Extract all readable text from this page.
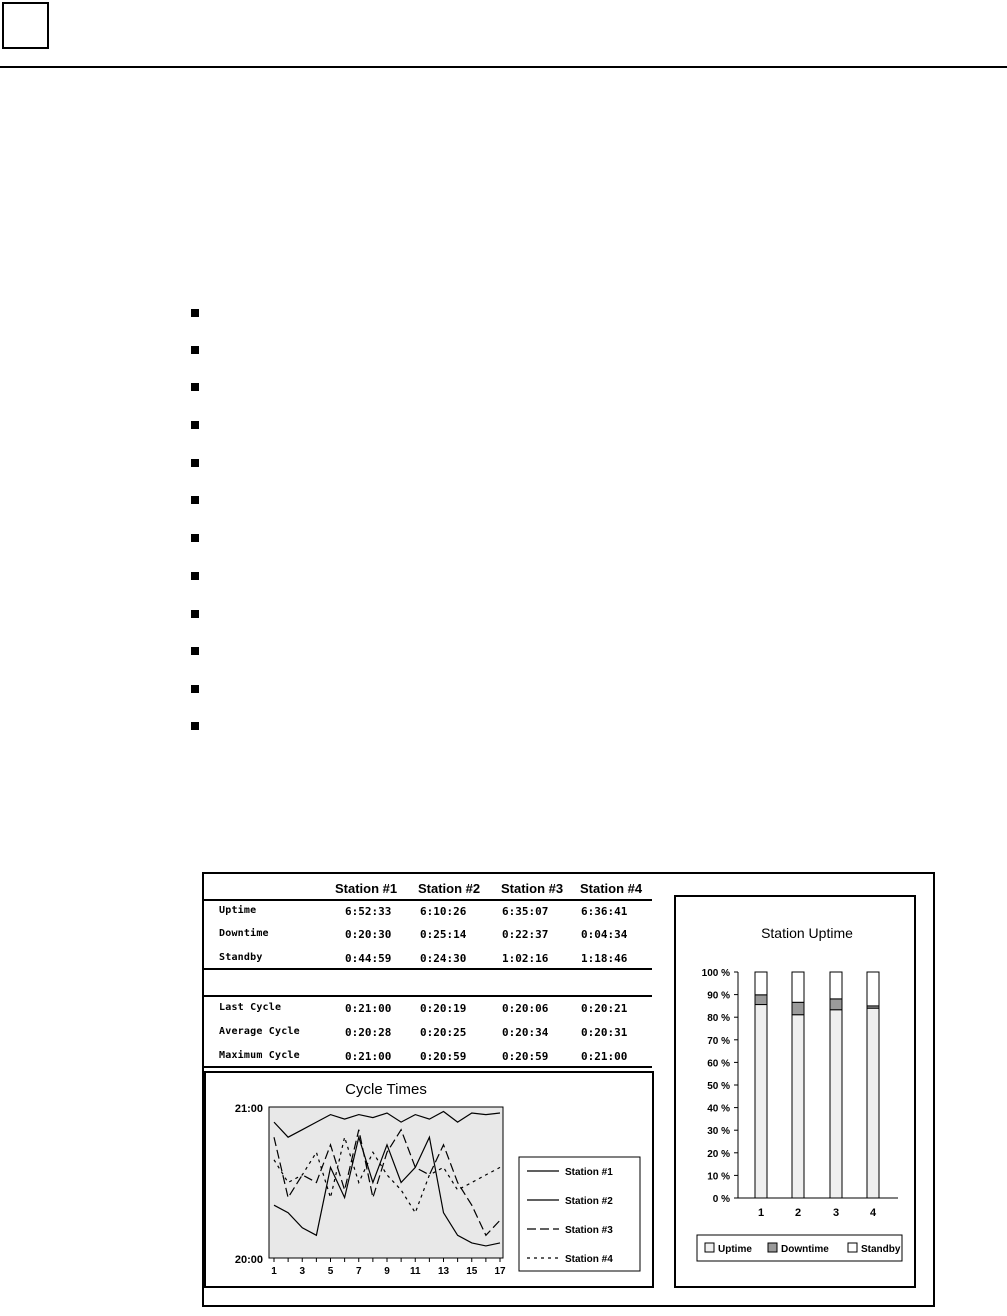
Station #1 Station #2 Station #3 Station #4
Uptime	6:52:33	6:10:26	6:35:07	6:36:41
Downtime	0:20:30	0:25:14	0:22:37	0:04:34
Standby	0:44:59	0:24:30	1:02:16	1:18:46
Last Cycle	0:21:00	0:20:19	0:20:06	0:20:21
Average Cycle	0:20:28	0:20:25	0:20:34	0:20:31
Maximum Cycle	0:21:00	0:20:59	0:20:59	0:21:00
Cycle Times
21:00
20:00
1 3 5 7 9 11 13 15 17
Station #1
Station #2
Station #3
Station #4
Station Uptime
100 %
90 %
80 %
70 %
60 %
50 %
40 %
30 %
20 %
10 %
0 %
1	2	3	4
Uptime	Downtime	Standby
